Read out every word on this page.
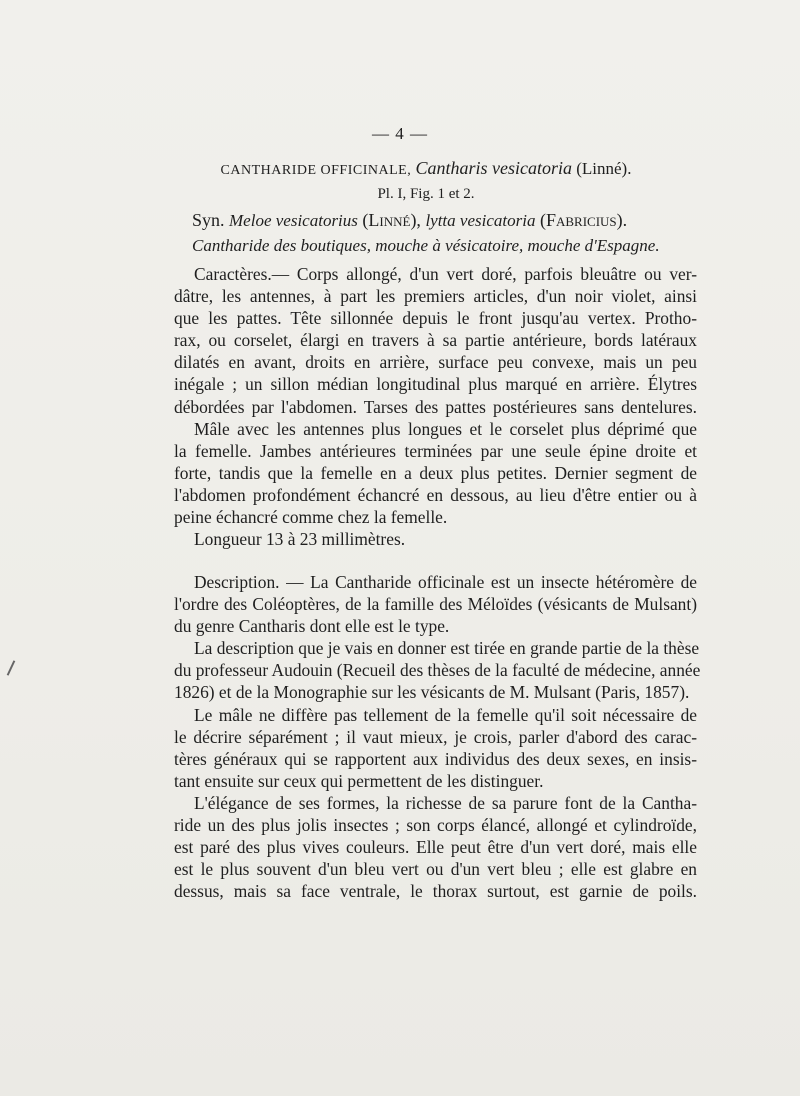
— 4 —
CANTHARIDE OFFICINALE, Cantharis vesicatoria (Linné).
Pl. I, Fig. 1 et 2.
Syn. Meloe vesicatorius (Linné), lytta vesicatoria (Fabricius).
Cantharide des boutiques, mouche à vésicatoire, mouche d'Espagne.
Caractères.— Corps allongé, d'un vert doré, parfois bleuâtre ou ver-
dâtre, les antennes, à part les premiers articles, d'un noir violet, ainsi
que les pattes. Tête sillonnée depuis le front jusqu'au vertex. Protho-
rax, ou corselet, élargi en travers à sa partie antérieure, bords latéraux
dilatés en avant, droits en arrière, surface peu convexe, mais un peu
inégale ; un sillon médian longitudinal plus marqué en arrière. Élytres
débordées par l'abdomen. Tarses des pattes postérieures sans dentelures.
Mâle avec les antennes plus longues et le corselet plus déprimé que
la femelle. Jambes antérieures terminées par une seule épine droite et
forte, tandis que la femelle en a deux plus petites. Dernier segment de
l'abdomen profondément échancré en dessous, au lieu d'être entier ou à
peine échancré comme chez la femelle.
Longueur 13 à 23 millimètres.
Description. — La Cantharide officinale est un insecte hétéromère de
l'ordre des Coléoptères, de la famille des Méloïdes (vésicants de Mulsant)
du genre Cantharis dont elle est le type.
La description que je vais en donner est tirée en grande partie de la thèse
du professeur Audouin (Recueil des thèses de la faculté de médecine, année
1826) et de la Monographie sur les vésicants de M. Mulsant (Paris, 1857).
Le mâle ne diffère pas tellement de la femelle qu'il soit nécessaire de
le décrire séparément ; il vaut mieux, je crois, parler d'abord des carac-
tères généraux qui se rapportent aux individus des deux sexes, en insis-
tant ensuite sur ceux qui permettent de les distinguer.
L'élégance de ses formes, la richesse de sa parure font de la Cantha-
ride un des plus jolis insectes ; son corps élancé, allongé et cylindroïde,
est paré des plus vives couleurs. Elle peut être d'un vert doré, mais elle
est le plus souvent d'un bleu vert ou d'un vert bleu ; elle est glabre en
dessus, mais sa face ventrale, le thorax surtout, est garnie de poils.
